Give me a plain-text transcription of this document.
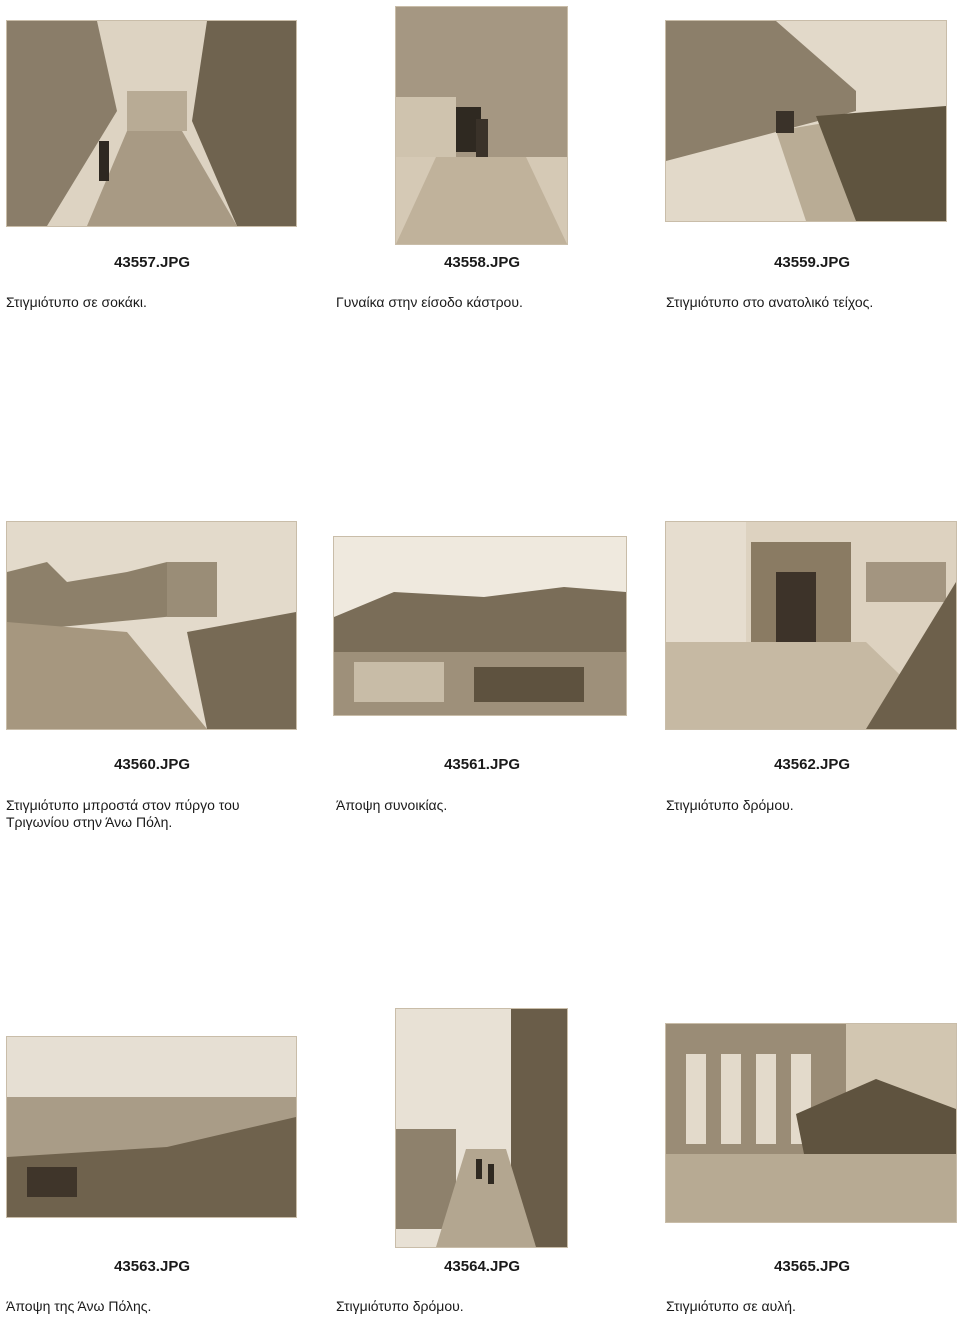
43557.JPG	43558.JPG	43559.JPG
Στιγμιότυπο σε σοκάκι.	Γυναίκα στην είσοδο κάστρου.	Στιγμιότυπο στο ανατολικό τείχος.
43560.JPG	43561.JPG	43562.JPG
Στιγμιότυπο μπροστά στον πύργο του Τριγωνίου στην Άνω Πόλη.
Άποψη συνοικίας.	Στιγμιότυπο δρόμου.
43563.JPG	43564.JPG	43565.JPG
Άποψη της Άνω Πόλης.	Στιγμιότυπο δρόμου.	Στιγμιότυπο σε αυλή.
